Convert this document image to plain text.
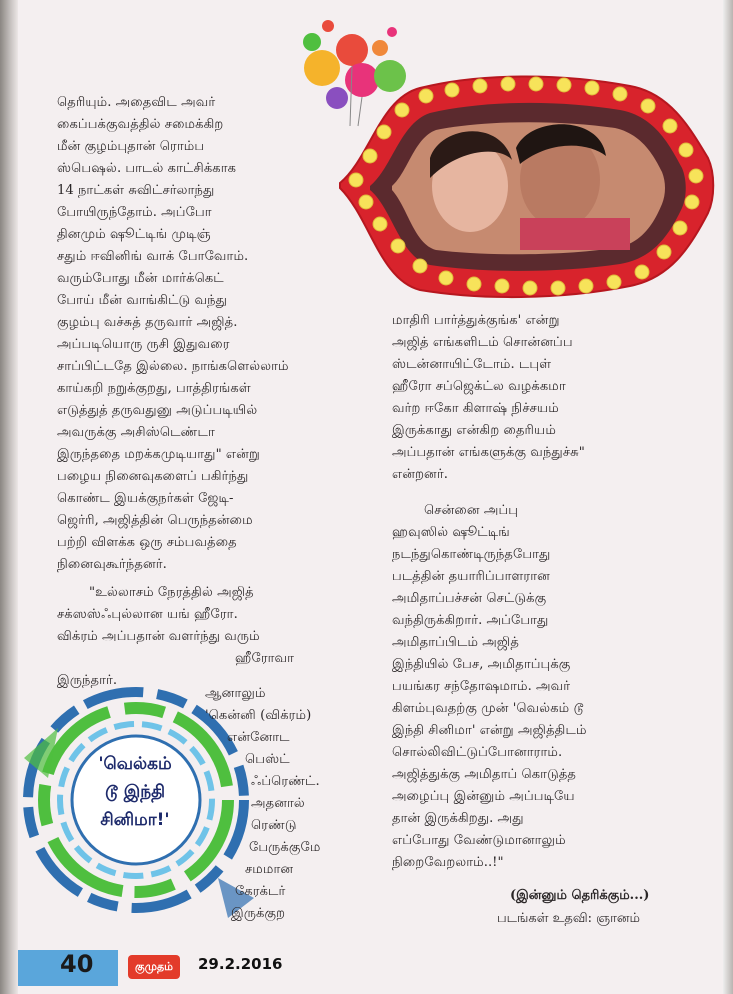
தெரியும். அதைவிட அவர்
கைப்பக்குவத்தில் சமைக்கிற
மீன் குழம்புதான் ரொம்ப
ஸ்பெஷல். பாடல் காட்சிக்காக
14 நாட்கள் சுவிட்சர்லாந்து
போயிருந்தோம். அப்போ
தினமும் ஷூட்டிங் முடிஞ்
சதும் ஈவினிங் வாக் போவோம்.
வரும்போது மீன் மார்க்கெட்
போய் மீன் வாங்கிட்டு வந்து
குழம்பு வச்சுத் தருவார் அஜித்.
அப்படியொரு ருசி இதுவரை
சாப்பிட்டதே இல்லை. நாங்களெல்லாம்
காய்கறி நறுக்குறது, பாத்திரங்கள்
எடுத்துத் தருவதுனு அடுப்படியில்
அவருக்கு அசிஸ்டெண்டா
இருந்ததை மறக்கமுடியாது" என்று
பழைய நினைவுகளைப் பகிர்ந்து
கொண்ட இயக்குநர்கள் ஜேடி-
ஜெர்ரி, அஜித்தின் பெருந்தன்மை
பற்றி விளக்க ஒரு சம்பவத்தை
நினைவுகூர்ந்தனர்.

"உல்லாசம் நேரத்தில் அஜித்
சக்ஸஸ்ஃபுல்லான யங் ஹீரோ.
விக்ரம் அப்பதான் வளர்ந்து வரும்
ஹீரோவா இருந்தார்.

'வெல்கம்
டூ இந்தி
சினிமா!'

ஆனாலும்
'கென்னி (விக்ரம்)
என்னோட
பெஸ்ட்
ஃப்ரெண்ட்.
அதனால்
ரெண்டு
பேருக்குமே
சமமான
கேரக்டர்
இருக்குற

மாதிரி பார்த்துக்குங்க' என்று
அஜித் எங்களிடம் சொன்னப்ப
ஸ்டன்னாயிட்டோம். டபுள்
ஹீரோ சப்ஜெக்ட்ல வழக்கமா
வர்ற ஈகோ கிளாஷ் நிச்சயம்
இருக்காது என்கிற தைரியம்
அப்பதான் எங்களுக்கு வந்துச்சு"
என்றனர்.

சென்னை அப்பு
ஹவுஸில் ஷூட்டிங்
நடந்துகொண்டிருந்தபோது
படத்தின் தயாரிப்பாளரான
அமிதாப்பச்சன் செட்டுக்கு
வந்திருக்கிறார். அப்போது
அமிதாப்பிடம் அஜித்
இந்தியில் பேச, அமிதாப்புக்கு
பயங்கர சந்தோஷமாம். அவர்
கிளம்புவதற்கு முன் 'வெல்கம் டூ
இந்தி சினிமா' என்று அஜித்திடம்
சொல்லிவிட்டுப்போனாராம்.
அஜித்துக்கு அமிதாப் கொடுத்த
அழைப்பு இன்னும் அப்படியே
தான் இருக்கிறது. அது
எப்போது வேண்டுமானாலும்
நிறைவேறலாம்..!"

(இன்னும் தெரிக்கும்...)
படங்கள் உதவி: ஞானம்
40	குமுதம்	29.2.2016
